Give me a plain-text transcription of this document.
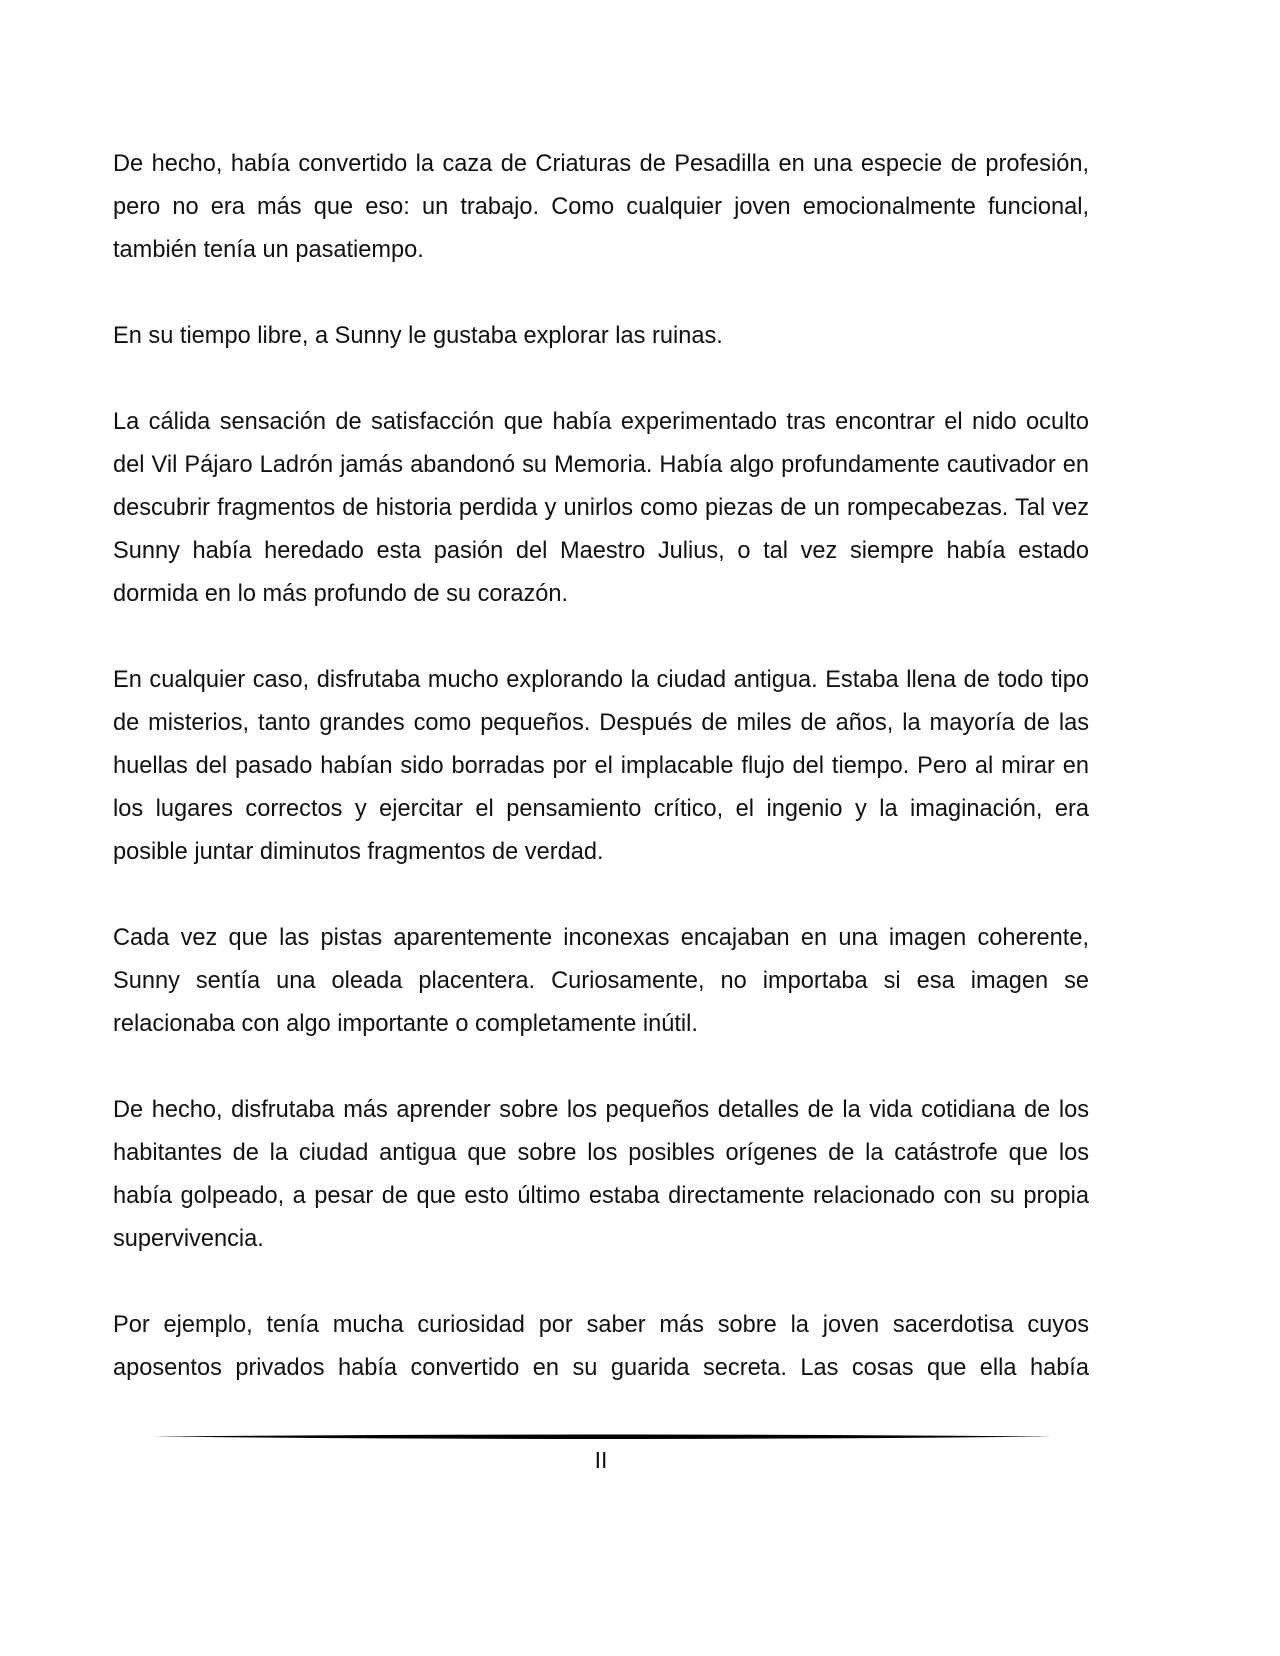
De hecho, había convertido la caza de Criaturas de Pesadilla en una especie de profesión, pero no era más que eso: un trabajo. Como cualquier joven emocionalmente funcional, también tenía un pasatiempo.

En su tiempo libre, a Sunny le gustaba explorar las ruinas.

La cálida sensación de satisfacción que había experimentado tras encontrar el nido oculto del Vil Pájaro Ladrón jamás abandonó su Memoria. Había algo profundamente cautivador en descubrir fragmentos de historia perdida y unirlos como piezas de un rompecabezas. Tal vez Sunny había heredado esta pasión del Maestro Julius, o tal vez siempre había estado dormida en lo más profundo de su corazón.

En cualquier caso, disfrutaba mucho explorando la ciudad antigua. Estaba llena de todo tipo de misterios, tanto grandes como pequeños. Después de miles de años, la mayoría de las huellas del pasado habían sido borradas por el implacable flujo del tiempo. Pero al mirar en los lugares correctos y ejercitar el pensamiento crítico, el ingenio y la imaginación, era posible juntar diminutos fragmentos de verdad.

Cada vez que las pistas aparentemente inconexas encajaban en una imagen coherente, Sunny sentía una oleada placentera. Curiosamente, no importaba si esa imagen se relacionaba con algo importante o completamente inútil.

De hecho, disfrutaba más aprender sobre los pequeños detalles de la vida cotidiana de los habitantes de la ciudad antigua que sobre los posibles orígenes de la catástrofe que los había golpeado, a pesar de que esto último estaba directamente relacionado con su propia supervivencia.

Por ejemplo, tenía mucha curiosidad por saber más sobre la joven sacerdotisa cuyos aposentos privados había convertido en su guarida secreta. Las cosas que ella había

II
